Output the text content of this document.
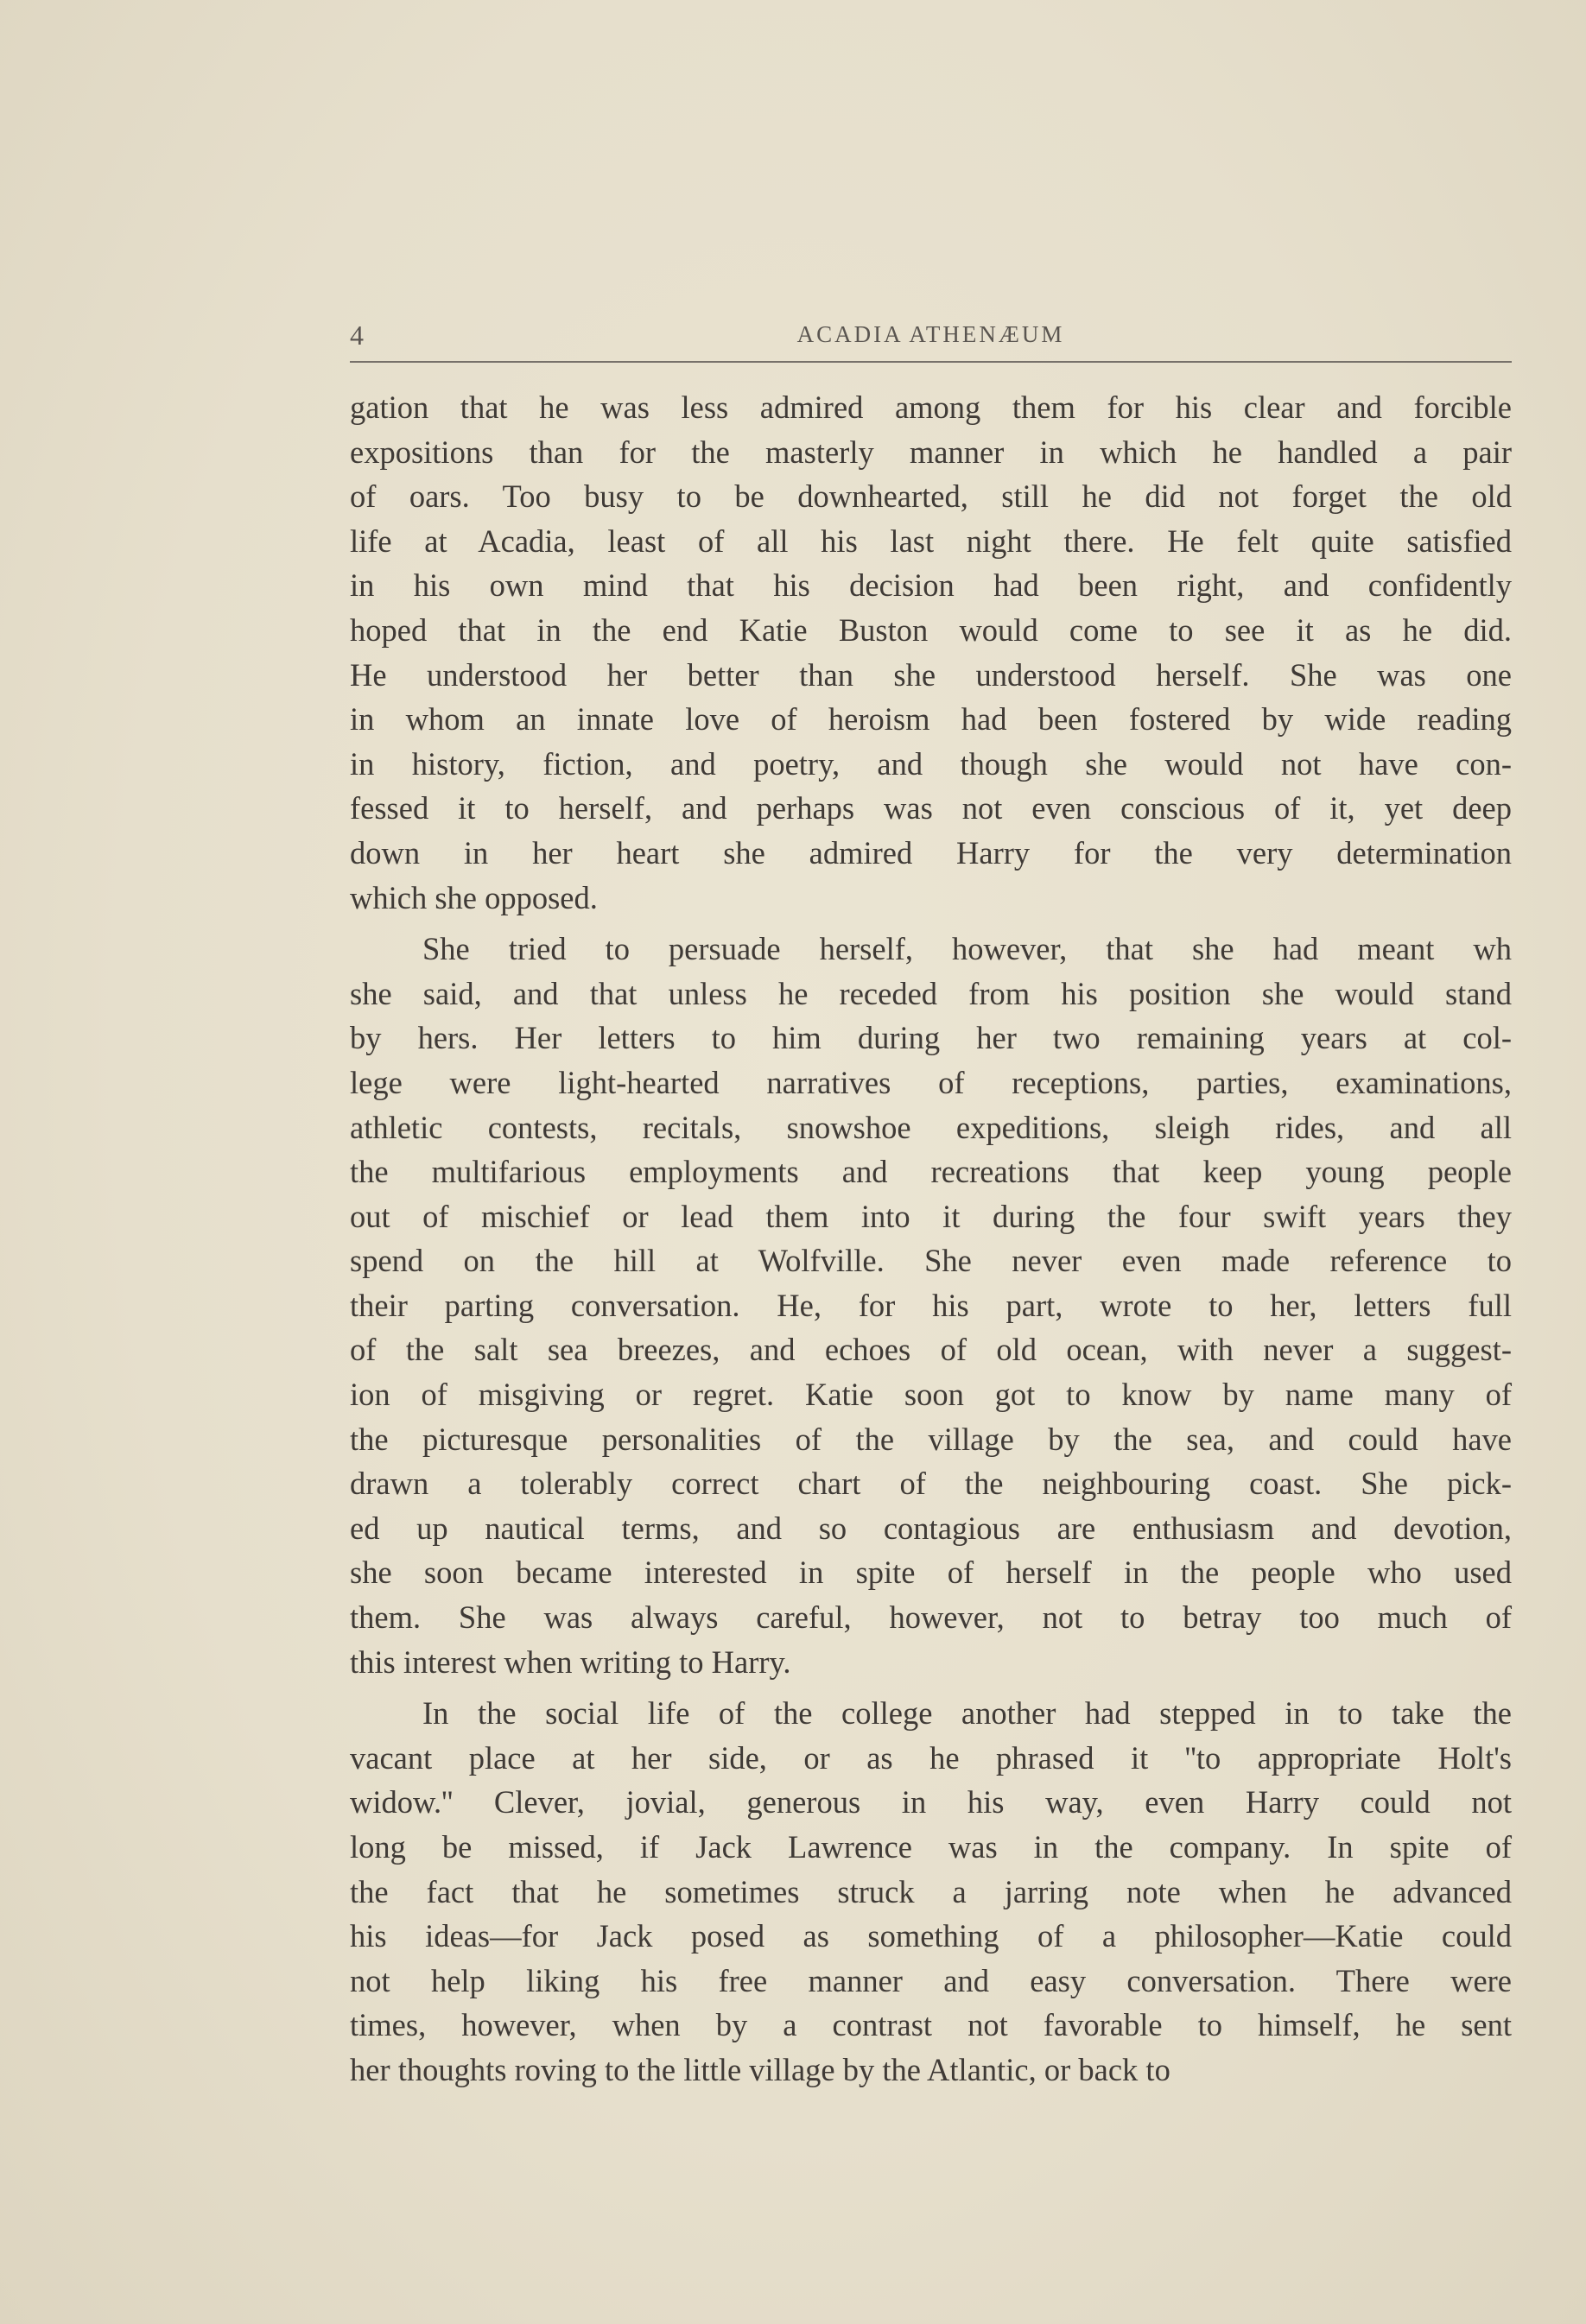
4	ACADIA ATHENÆUM

gation that he was less admired among them for his clear and forcible
expositions than for the masterly manner in which he handled a pair
of oars. Too busy to be downhearted, still he did not forget the old
life at Acadia, least of all his last night there. He felt quite satisfied
in his own mind that his decision had been right, and confidently
hoped that in the end Katie Buston would come to see it as he did.
He understood her better than she understood herself. She was one
in whom an innate love of heroism had been fostered by wide reading
in history, fiction, and poetry, and though she would not have con-
fessed it to herself, and perhaps was not even conscious of it, yet deep
down in her heart she admired Harry for the very determination
which she opposed.

She tried to persuade herself, however, that she had meant wh
she said, and that unless he receded from his position she would stand
by hers. Her letters to him during her two remaining years at col-
lege were light-hearted narratives of receptions, parties, examinations,
athletic contests, recitals, snowshoe expeditions, sleigh rides, and all
the multifarious employments and recreations that keep young people
out of mischief or lead them into it during the four swift years they
spend on the hill at Wolfville. She never even made reference to
their parting conversation. He, for his part, wrote to her, letters full
of the salt sea breezes, and echoes of old ocean, with never a suggest-
ion of misgiving or regret. Katie soon got to know by name many of
the picturesque personalities of the village by the sea, and could have
drawn a tolerably correct chart of the neighbouring coast. She pick-
ed up nautical terms, and so contagious are enthusiasm and devotion,
she soon became interested in spite of herself in the people who used
them. She was always careful, however, not to betray too much of
this interest when writing to Harry.

In the social life of the college another had stepped in to take the
vacant place at her side, or as he phrased it ''to appropriate Holt's
widow.'' Clever, jovial, generous in his way, even Harry could not
long be missed, if Jack Lawrence was in the company. In spite of
the fact that he sometimes struck a jarring note when he advanced
his ideas—for Jack posed as something of a philosopher—Katie could
not help liking his free manner and easy conversation. There were
times, however, when by a contrast not favorable to himself, he sent
her thoughts roving to the little village by the Atlantic, or back to
